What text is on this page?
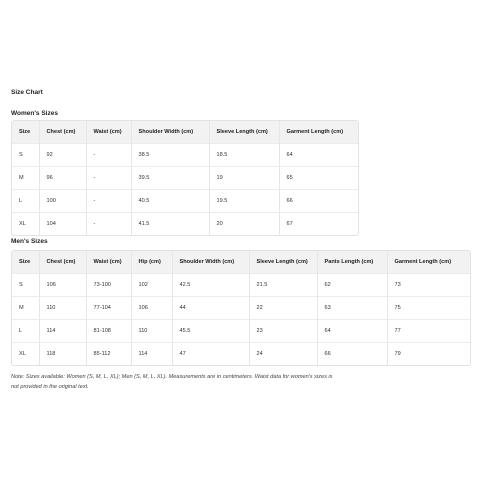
Size Chart
Women's Sizes
Size	Chest (cm)	Waist (cm)	Shoulder Width (cm)	Sleeve Length (cm)	Garment Length (cm)
S	92	-	38.5	18.5	64
M	96	-	39.5	19	65
L	100	-	40.5	19.5	66
XL	104	-	41.5	20	67
Men's Sizes
Size	Chest (cm)	Waist (cm)	Hip (cm)	Shoulder Width (cm)	Sleeve Length (cm)	Pants Length (cm)	Garment Length (cm)
S	106	73-100	102	42.5	21.5	62	73
M	110	77-104	106	44	22	63	75
L	114	81-108	110	45.5	23	64	77
XL	118	85-112	114	47	24	66	79
Note: Sizes available: Women (S, M, L, XL); Men (S, M, L, XL). Measurements are in centimeters. Waist data for women's sizes is not provided in the original text.
